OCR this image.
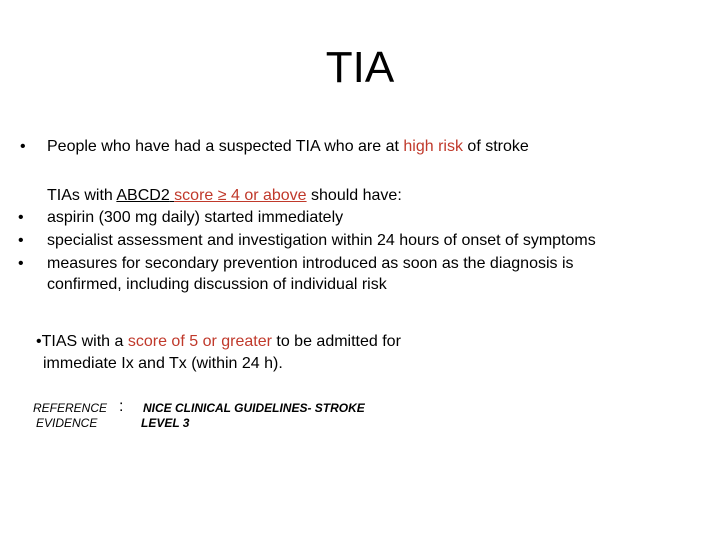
TIA
• People who have had a suspected TIA who are at high risk of stroke
TIAs with ABCD2 score ≥ 4 or above should have:
• aspirin (300 mg daily) started immediately
• specialist assessment and investigation within 24 hours of onset of symptoms
• measures for secondary prevention introduced as soon as the diagnosis is
confirmed, including discussion of individual risk
•TIAS with a score of 5 or greater to be admitted for
immediate Ix and Tx (within 24 h).
REFERENCE :
EVIDENCE
NICE CLINICAL GUIDELINES- STROKE
LEVEL 3
